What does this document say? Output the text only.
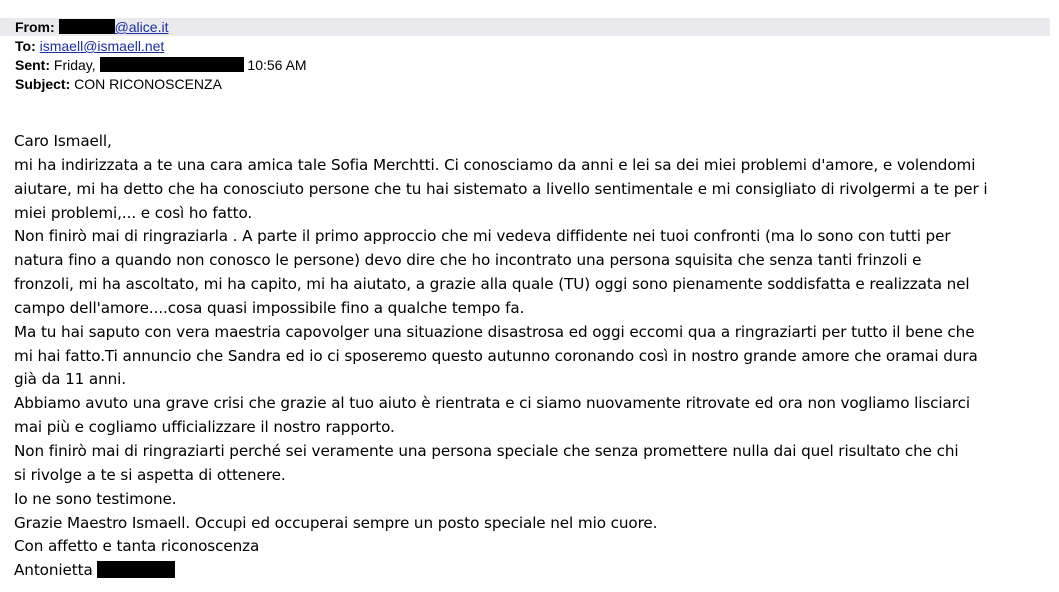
From:	@alice.it
To: ismaell@ismaell.net
Sent: Friday,	10:56 AM
Subject: CON RICONOSCENZA
Caro Ismaell,
mi ha indirizzata a te una cara amica tale Sofia Merchtti. Ci conosciamo da anni e lei sa dei miei problemi d'amore, e volendomi
aiutare, mi ha detto che ha conosciuto persone che tu hai sistemato a livello sentimentale e mi consigliato di rivolgermi a te per i
miei problemi,... e così ho fatto.
Non finirò mai di ringraziarla . A parte il primo approccio che mi vedeva diffidente nei tuoi confronti (ma lo sono con tutti per
natura fino a quando non conosco le persone) devo dire che ho incontrato una persona squisita che senza tanti frinzoli e
fronzoli, mi ha ascoltato, mi ha capito, mi ha aiutato, a grazie alla quale (TU) oggi sono pienamente soddisfatta e realizzata nel
campo dell'amore....cosa quasi impossibile fino a qualche tempo fa.
Ma tu hai saputo con vera maestria capovolger una situazione disastrosa ed oggi eccomi qua a ringraziarti per tutto il bene che
mi hai fatto.Ti annuncio che Sandra ed io ci sposeremo questo autunno coronando così in nostro grande amore che oramai dura
già da 11 anni.
Abbiamo avuto una grave crisi che grazie al tuo aiuto è rientrata e ci siamo nuovamente ritrovate ed ora non vogliamo lisciarci
mai più e cogliamo ufficializzare il nostro rapporto.
Non finirò mai di ringraziarti perché sei veramente una persona speciale che senza promettere nulla dai quel risultato che chi
si rivolge a te si aspetta di ottenere.
Io ne sono testimone.
Grazie Maestro Ismaell. Occupi ed occuperai sempre un posto speciale nel mio cuore.
Con affetto e tanta riconoscenza
Antonietta
